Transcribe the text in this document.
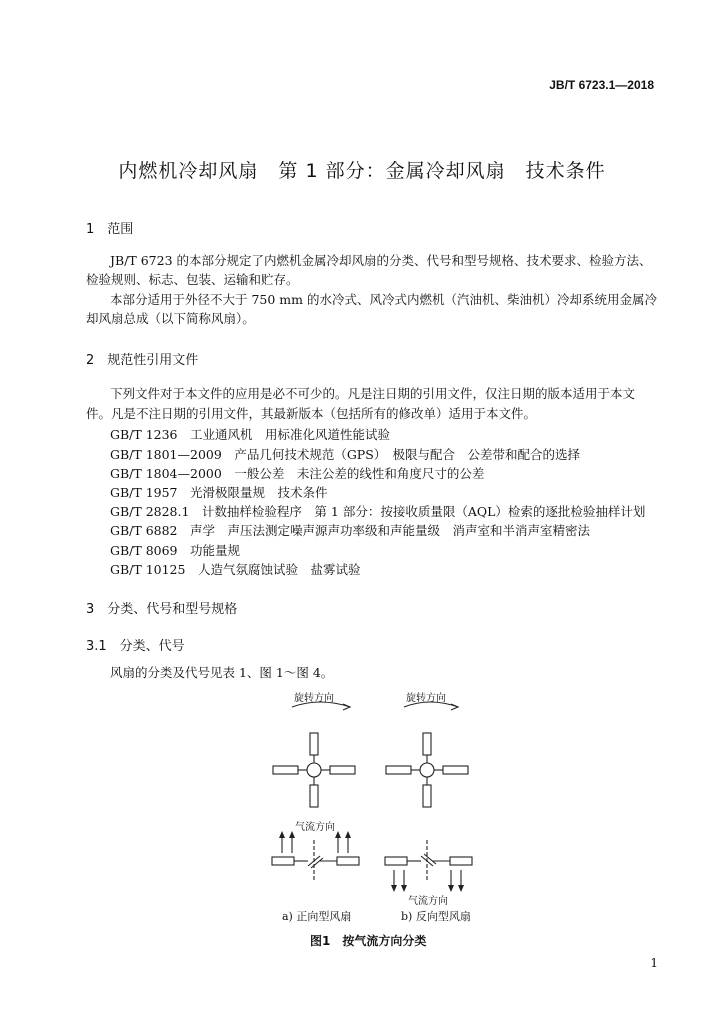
JB/T 6723.1—2018
内燃机冷却风扇　第 1 部分：金属冷却风扇　技术条件
1　范围
JB/T 6723 的本部分规定了内燃机金属冷却风扇的分类、代号和型号规格、技术要求、检验方法、
检验规则、标志、包装、运输和贮存。
本部分适用于外径不大于 750 mm 的水冷式、风冷式内燃机（汽油机、柴油机）冷却系统用金属冷
却风扇总成（以下简称风扇）。
2　规范性引用文件
下列文件对于本文件的应用是必不可少的。凡是注日期的引用文件，仅注日期的版本适用于本文
件。凡是不注日期的引用文件，其最新版本（包括所有的修改单）适用于本文件。
GB/T 1236　工业通风机　用标准化风道性能试验
GB/T 1801—2009　产品几何技术规范（GPS）　极限与配合　公差带和配合的选择
GB/T 1804—2000　一般公差　未注公差的线性和角度尺寸的公差
GB/T 1957　光滑极限量规　技术条件
GB/T 2828.1　计数抽样检验程序　第 1 部分：按接收质量限（AQL）检索的逐批检验抽样计划
GB/T 6882　声学　声压法测定噪声源声功率级和声能量级　消声室和半消声室精密法
GB/T 8069　功能量规
GB/T 10125　人造气氛腐蚀试验　盐雾试验
3　分类、代号和型号规格
3.1　分类、代号
风扇的分类及代号见表 1、图 1～图 4。
旋转方向	旋转方向
气流方向
气流方向
a) 正向型风扇	b) 反向型风扇
图1　按气流方向分类
1
